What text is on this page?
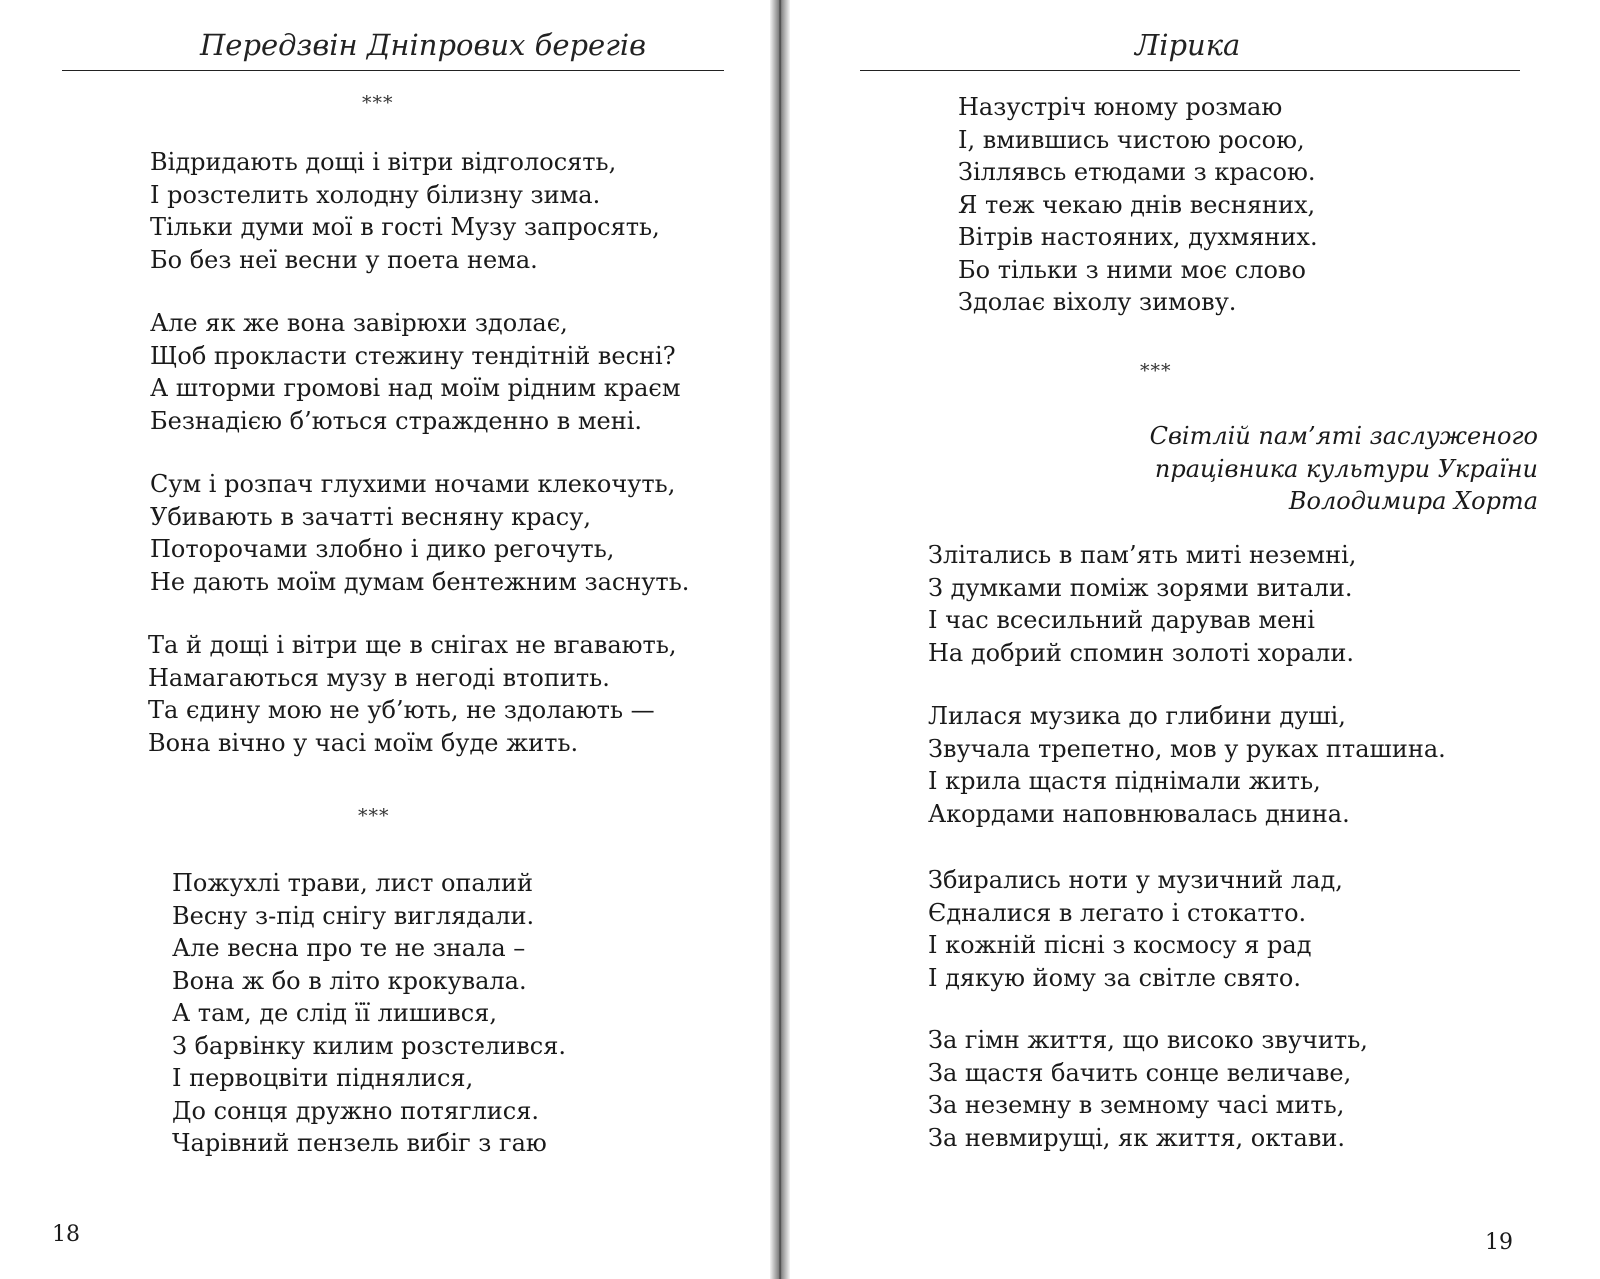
Передзвін Дніпрових берегів
***
Відридають дощі і вітри відголосять,
І розстелить холодну білизну зима.
Тільки думи мої в гості Музу запросять,
Бо без неї весни у поета нема.
Але як же вона завірюхи здолає,
Щоб прокласти стежину тендітній весні?
А шторми громові над моїм рідним краєм
Безнадією б’ються стражденно в мені.
Сум і розпач глухими ночами клекочуть,
Убивають в зачатті весняну красу,
Поторочами злобно і дико регочуть,
Не дають моїм думам бентежним заснуть.
Та й дощі і вітри ще в снігах не вгавають,
Намагаються музу в негоді втопить.
Та єдину мою не уб’ють, не здолають —
Вона вічно у часі моїм буде жить.
***
Пожухлі трави, лист опалий
Весну з-під снігу виглядали.
Але весна про те не знала –
Вона ж бо в літо крокувала.
А там, де слід її лишився,
З барвінку килим розстелився.
І первоцвіти піднялися,
До сонця дружно потяглися.
Чарівний пензель вибіг з гаю
18
Лірика
Назустріч юному розмаю
І, вмившись чистою росою,
Зіллявсь етюдами з красою.
Я теж чекаю днів весняних,
Вітрів настояних, духмяних.
Бо тільки з ними моє слово
Здолає віхолу зимову.
***
Світлій пам’яті заслуженого
працівника культури України
Володимира Хорта
Злітались в пам’ять миті неземні,
З думками поміж зорями витали.
І час всесильний дарував мені
На добрий спомин золоті хорали.
Лилася музика до глибини душі,
Звучала трепетно, мов у руках пташина.
І крила щастя піднімали жить,
Акордами наповнювалась днина.
Збирались ноти у музичний лад,
Єдналися в легато і стокатто.
І кожній пісні з космосу я рад
І дякую йому за світле свято.
За гімн життя, що високо звучить,
За щастя бачить сонце величаве,
За неземну в земному часі мить,
За невмирущі, як життя, октави.
19
